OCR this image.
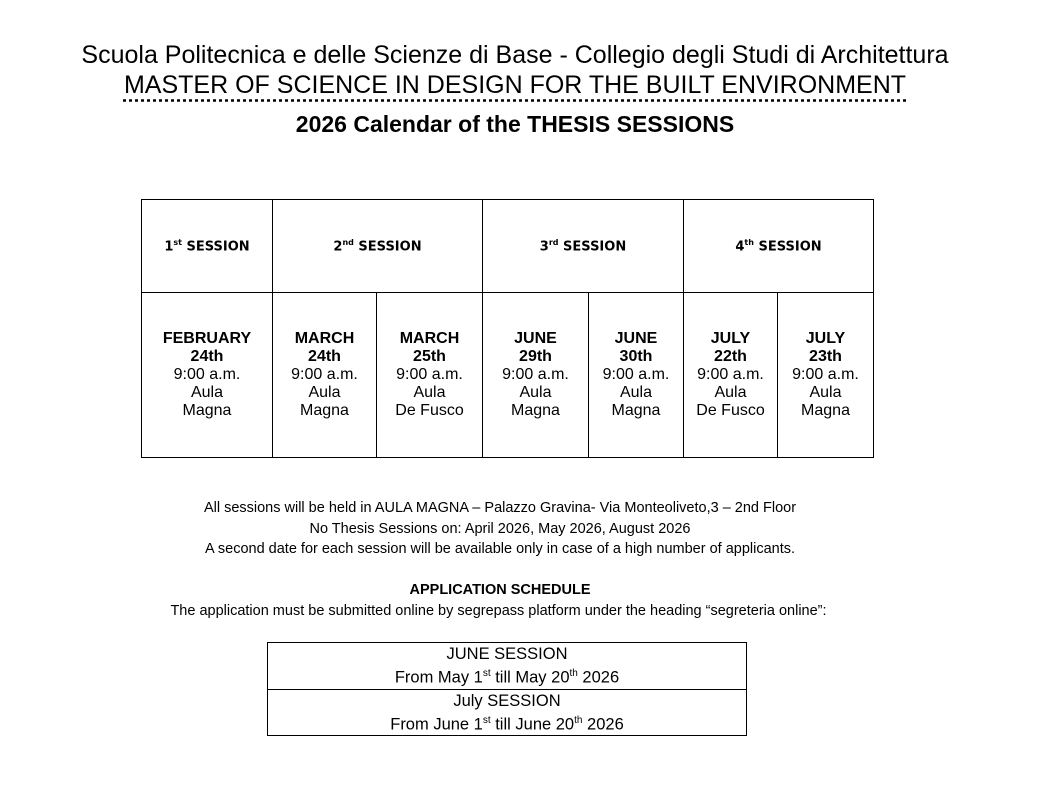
Scuola Politecnica e delle Scienze di Base - Collegio degli Studi di Architettura
MASTER OF SCIENCE IN DESIGN FOR THE BUILT ENVIRONMENT
2026 Calendar of the THESIS SESSIONS
1st SESSION	2nd SESSION		3rd SESSION		4th SESSION	

FEBRUARY
24th
9:00 a.m.
Aula
Magna	MARCH
24th
9:00 a.m.
Aula
Magna	MARCH
25th
9:00 a.m.
Aula
De Fusco	JUNE
29th
9:00 a.m.
Aula
Magna	JUNE
30th
9:00 a.m.
Aula
Magna	JULY
22th
9:00 a.m.
Aula
De Fusco	JULY
23th
9:00 a.m.
Aula
Magna
All sessions will be held in AULA MAGNA – Palazzo Gravina- Via Monteoliveto,3 – 2nd Floor
No Thesis Sessions on: April 2026, May 2026, August 2026
A second date for each session will be available only in case of a high number of applicants.
APPLICATION SCHEDULE
The application must be submitted online by segrepass platform under the heading “segreteria online”:
JUNE SESSION
From May 1st till May 20th 2026
July SESSION
From June 1st till June 20th 2026
